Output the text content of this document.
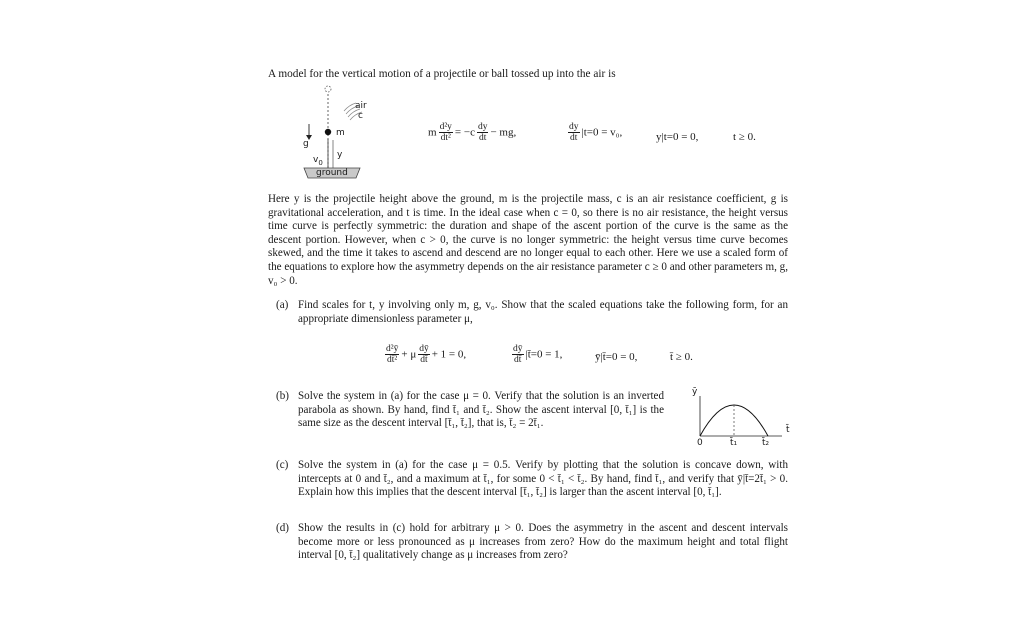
A model for the vertical motion of a projectile or ball tossed up into the air is
air
c
m
g
y
$v_0$
ground
m $\frac{\text{d²y}}{\text{dt²}} = -c \frac{dy}{dt}$ − mg,	$\frac{dy}{dt} |t=0 = v_0$,	y|t=0 = 0,	t ≥ 0.
Here y is the projectile height above the ground, m is the projectile mass, c is an air resistance coefficient, g is gravitational acceleration, and t is time. In the ideal case when c = 0, so there is no air resistance, the height versus time curve is perfectly symmetric: the duration and shape of the ascent portion of the curve is the same as the descent portion. However, when c > 0, the curve is no longer symmetric: the height versus time curve becomes skewed, and the time it takes to ascend and descend are no longer equal to each other. Here we use a scaled form of the equations to explore how the asymmetry depends on the air resistance parameter c ≥ 0 and other parameters m, g, v₀ > 0.
(a) Find scales for t, y involving only m, g, v₀. Show that the scaled equations take the following form, for an appropriate dimensionless parameter μ,
$\frac{\text{d²ȳ}}{\text{dt̄²}} + \mu \frac{dȳ}{dt̄} + 1 = 0$,	$\frac{dȳ}{dt̄}$ |t̄=0 = 1,	ȳ|t̄=0 = 0,	t̄ ≥ 0.
(b) Solve the system in (a) for the case μ = 0. Verify that the solution is an inverted parabola as shown. By hand, find t̄₁ and t̄₂. Show the ascent interval [0, t̄₁] is the same size as the descent interval [t̄₁, t̄₂], that is, t̄₂ = 2t̄₁.
ȳ
t̄
0	t̄₁	t̄₂
(c) Solve the system in (a) for the case μ = 0.5. Verify by plotting that the solution is concave down, with intercepts at 0 and t̄₂, and a maximum at t̄₁, for some 0 < t̄₁ < t̄₂. By hand, find t̄₁, and verify that ȳ|t̄=2t̄₁ > 0. Explain how this implies that the descent interval [t̄₁, t̄₂] is larger than the ascent interval [0, t̄₁].
(d) Show the results in (c) hold for arbitrary μ > 0. Does the asymmetry in the ascent and descent intervals become more or less pronounced as μ increases from zero? How do the maximum height and total flight interval [0, t̄₂] qualitatively change as μ increases from zero?
